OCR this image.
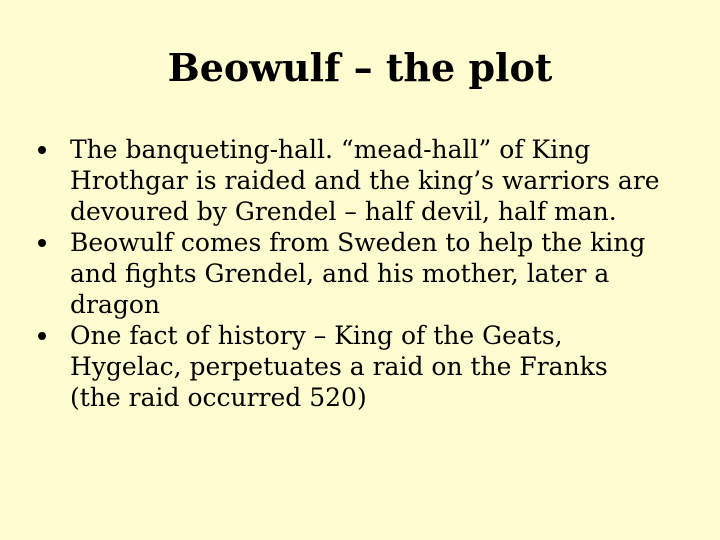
Beowulf – the plot
The banqueting-hall. “mead-hall” of King Hrothgar is raided and the king’s warriors are devoured by Grendel – half devil, half man.
Beowulf comes from Sweden to help the king and fights Grendel, and his mother, later a dragon
One fact of history – King of the Geats, Hygelac, perpetuates a raid on the Franks (the raid occurred 520)
